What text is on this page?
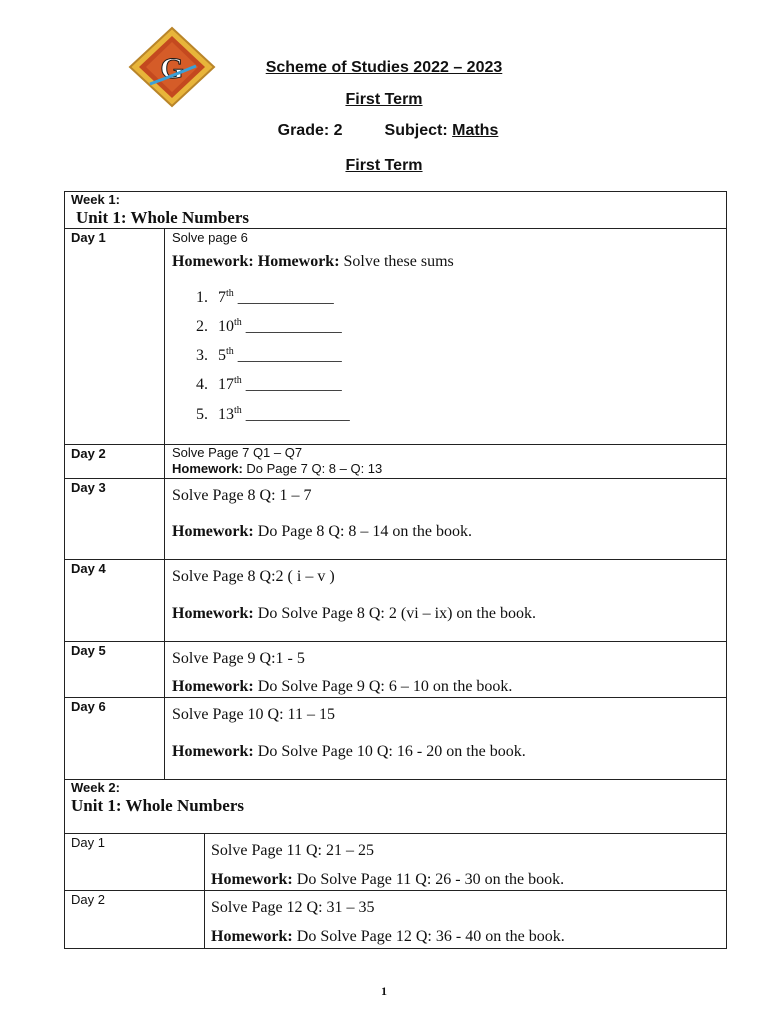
G	Scheme of Studies 2022 – 2023
First Term
Grade: 2	Subject: Maths
First Term
Week 1:
Unit 1: Whole Numbers
Day 1	Solve page 6
Homework: Homework: Solve these sums
1. 7th ____________
2. 10th ____________
3. 5th _____________
4. 17th ____________
5. 13th _____________
Day 2	Solve Page 7 Q1 – Q7
Homework: Do Page 7 Q: 8 – Q: 13
Day 3	Solve Page 8 Q: 1 – 7
Homework: Do Page 8 Q: 8 – 14 on the book.
Day 4	Solve Page 8 Q:2 ( i – v )
Homework: Do Solve Page 8 Q: 2 (vi – ix) on the book.
Day 5	Solve Page 9 Q:1 - 5
Homework: Do Solve Page 9 Q: 6 – 10 on the book.
Day 6	Solve Page 10 Q: 11 – 15
Homework: Do Solve Page 10 Q: 16 - 20 on the book.
Week 2:
Unit 1: Whole Numbers
Day 1	Solve Page 11 Q: 21 – 25
Homework: Do Solve Page 11 Q: 26 - 30 on the book.
Day 2	Solve Page 12 Q: 31 – 35
Homework: Do Solve Page 12 Q: 36 - 40 on the book.
1
